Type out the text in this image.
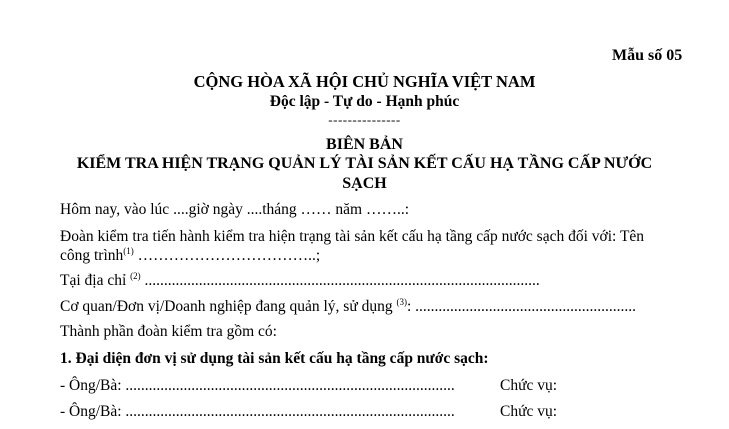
Mẫu số 05
CỘNG HÒA XÃ HỘI CHỦ NGHĨA VIỆT NAM
Độc lập - Tự do - Hạnh phúc
---------------
BIÊN BẢN
KIỂM TRA HIỆN TRẠNG QUẢN LÝ TÀI SẢN KẾT CẤU HẠ TẦNG CẤP NƯỚC
SẠCH
Hôm nay, vào lúc ....giờ ngày ....tháng …… năm ……..:
Đoàn kiểm tra tiến hành kiểm tra hiện trạng tài sản kết cấu hạ tầng cấp nước sạch đối với: Tên
công trình$^{(1)}$ ……………………………..;
Tại địa chỉ $^{(2)}$ ......................................................................................................
Cơ quan/Đơn vị/Doanh nghiệp đang quản lý, sử dụng $^{(3)}$: .........................................................
Thành phần đoàn kiểm tra gồm có:
1. Đại diện đơn vị sử dụng tài sản kết cấu hạ tầng cấp nước sạch:
- Ông/Bà: .....................................................................................	Chức vụ:
- Ông/Bà: .....................................................................................	Chức vụ:
